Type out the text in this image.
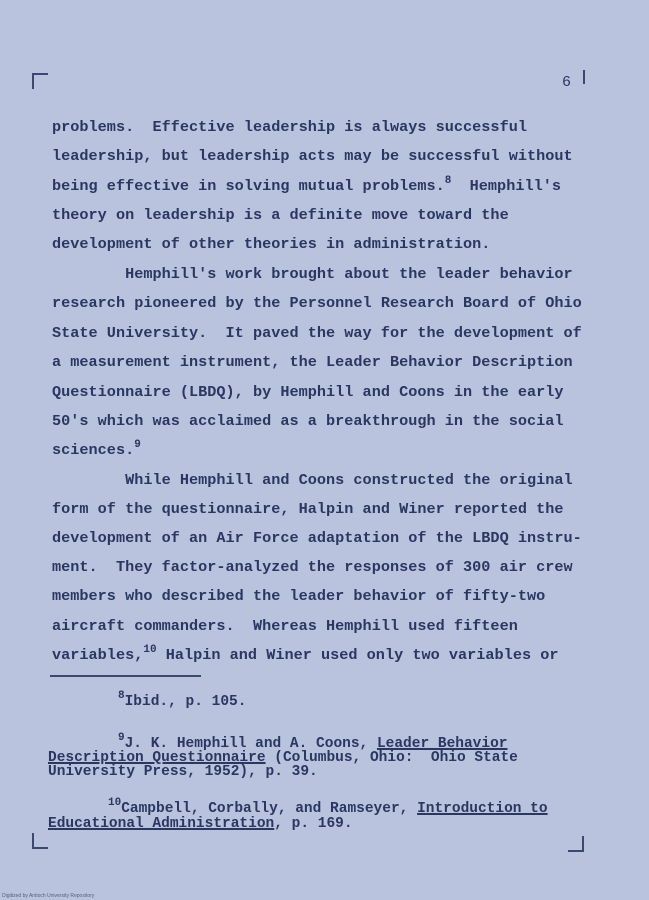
6
problems.  Effective leadership is always successful
leadership, but leadership acts may be successful without
being effective in solving mutual problems.$^8$  Hemphill's
theory on leadership is a definite move toward the
development of other theories in administration.
Hemphill's work brought about the leader behavior
research pioneered by the Personnel Research Board of Ohio
State University.  It paved the way for the development of
a measurement instrument, the Leader Behavior Description
Questionnaire (LBDQ), by Hemphill and Coons in the early
50's which was acclaimed as a breakthrough in the social
sciences.$^9$
While Hemphill and Coons constructed the original
form of the questionnaire, Halpin and Winer reported the
development of an Air Force adaptation of the LBDQ instru-
ment.  They factor-analyzed the responses of 300 air crew
members who described the leader behavior of fifty-two
aircraft commanders.  Whereas Hemphill used fifteen
variables,$^{10}$ Halpin and Winer used only two variables or
$^8$Ibid., p. 105.
$^9$J. K. Hemphill and A. Coons, Leader Behavior
Description Questionnaire (Columbus, Ohio:  Ohio State
University Press, 1952), p. 39.
$^{10}$Campbell, Corbally, and Ramseyer, Introduction to
Educational Administration, p. 169.
Digitized by Antioch University Repository
